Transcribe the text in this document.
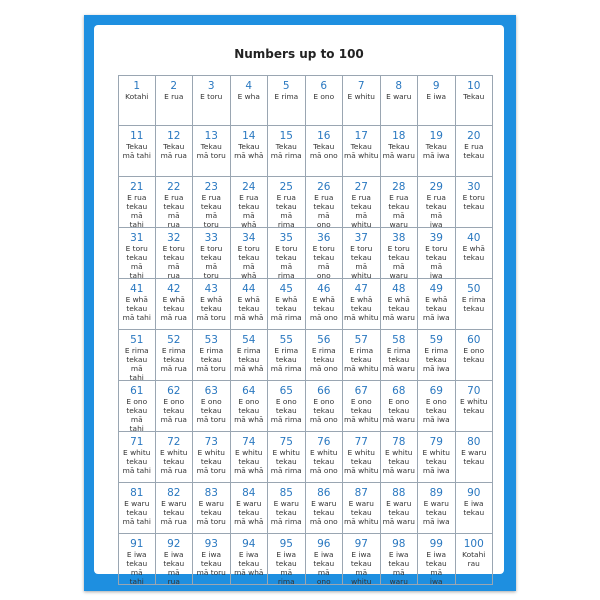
Numbers up to 100
1
Kotahi
2
E rua
3
E toru
4
E wha
5
E rima
6
E ono
7
E whitu
8
E waru
9
E iwa
10
Tekau
11
Tekau
mā tahi
12
Tekau
mā rua
13
Tekau
mā toru
14
Tekau
mā whā
15
Tekau
mā rima
16
Tekau
mā ono
17
Tekau
mā whitu
18
Tekau
mā waru
19
Tekau
mā iwa
20
E rua
tekau
21
E rua
tekau mā
tahi
22
E rua
tekau mā
rua
23
E rua
tekau mā
toru
24
E rua
tekau mā
whā
25
E rua
tekau mā
rima
26
E rua
tekau mā
ono
27
E rua
tekau mā
whitu
28
E rua
tekau mā
waru
29
E rua
tekau mā
iwa
30
E toru
tekau
31
E toru
tekau mā
tahi
32
E toru
tekau mā
rua
33
E toru
tekau mā
toru
34
E toru
tekau mā
whā
35
E toru
tekau mā
rima
36
E toru
tekau mā
ono
37
E toru
tekau mā
whitu
38
E toru
tekau mā
waru
39
E toru
tekau mā
iwa
40
E whā
tekau
41
E whā
tekau
mā tahi
42
E whā
tekau
mā rua
43
E whā
tekau
mā toru
44
E whā
tekau
mā whā
45
E whā
tekau
mā rima
46
E whā
tekau
mā ono
47
E whā
tekau
mā whitu
48
E whā
tekau
mā waru
49
E whā
tekau
mā iwa
50
E rima
tekau
51
E rima
tekau mā
tahi
52
E rima
tekau
mā rua
53
E rima
tekau
mā toru
54
E rima
tekau
mā whā
55
E rima
tekau
mā rima
56
E rima
tekau
mā ono
57
E rima
tekau
mā whitu
58
E rima
tekau
mā waru
59
E rima
tekau
mā iwa
60
E ono
tekau
61
E ono
tekau mā
tahi
62
E ono
tekau
mā rua
63
E ono
tekau
mā toru
64
E ono
tekau
mā whā
65
E ono
tekau
mā rima
66
E ono
tekau
mā ono
67
E ono
tekau
mā whitu
68
E ono
tekau
mā waru
69
E ono
tekau
mā iwa
70
E whitu
tekau
71
E whitu
tekau
mā tahi
72
E whitu
tekau
mā rua
73
E whitu
tekau
mā toru
74
E whitu
tekau
mā whā
75
E whitu
tekau
mā rima
76
E whitu
tekau
mā ono
77
E whitu
tekau
mā whitu
78
E whitu
tekau
mā waru
79
E whitu
tekau
mā iwa
80
E waru
tekau
81
E waru
tekau
mā tahi
82
E waru
tekau
mā rua
83
E waru
tekau
mā toru
84
E waru
tekau
mā whā
85
E waru
tekau
mā rima
86
E waru
tekau
mā ono
87
E waru
tekau
mā whitu
88
E waru
tekau
mā waru
89
E waru
tekau
mā iwa
90
E iwa
tekau
91
E iwa
tekau mā
tahi
92
E iwa
tekau mā
rua
93
E iwa
tekau
mā toru
94
E iwa
tekau
mā whā
95
E iwa
tekau
mā
rima
96
E iwa
tekau mā
ono
97
E iwa
tekau mā
whitu
98
E iwa
tekau mā
waru
99
E iwa
tekau mā
iwa
100
Kotahi
rau
